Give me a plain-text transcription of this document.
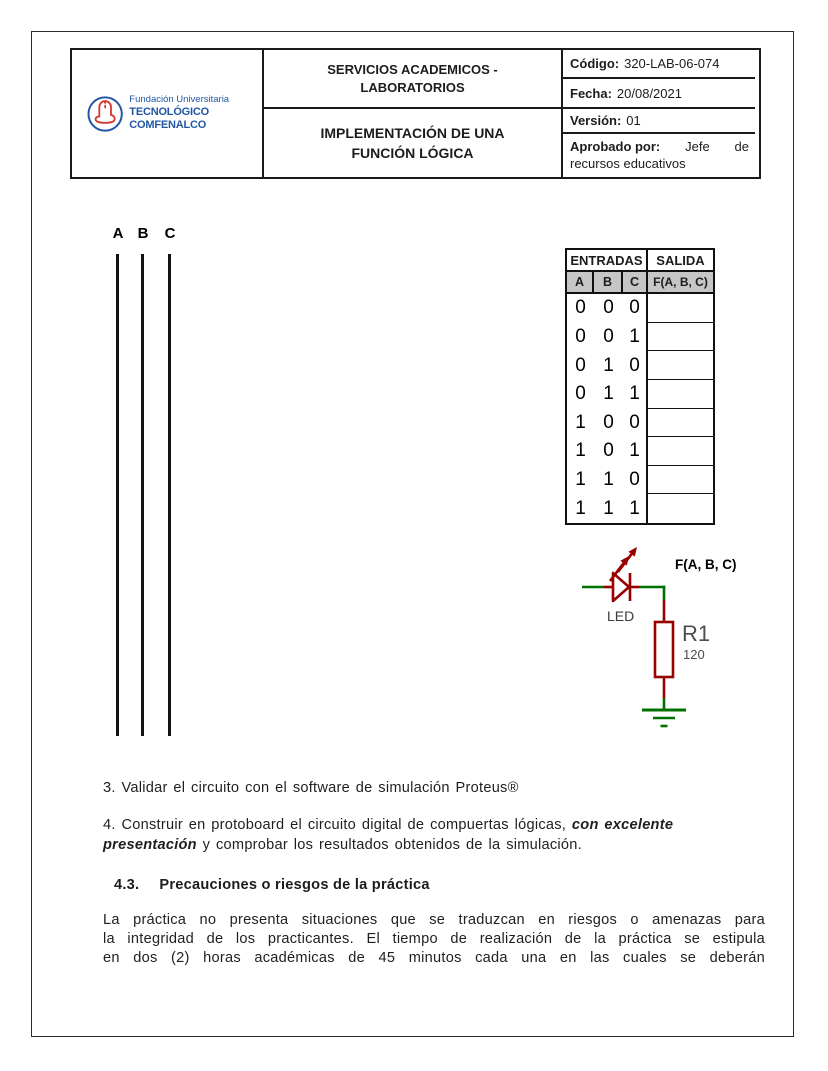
Fundación Universitaria
TECNOLÓGICO COMFENALCO
SERVICIOS ACADEMICOS -
LABORATORIOS
IMPLEMENTACIÓN DE UNA
FUNCIÓN LÓGICA
Código: 320-LAB-06-074
Fecha: 20/08/2021
Versión: 01
Aprobado por: Jefe de
recursos educativos
A B	C
ENTRADAS	SALIDA
A	B	C	F(A, B, C)
0 0 0
0 0 1
0 1 0
0 1 1
1 0 0
1 0 1
1 1 0
1 1 1
LED
F(A, B, C)
R1
120
3. Validar el circuito con el software de simulación Proteus®
4. Construir en protoboard el circuito digital de compuertas lógicas, con excelente
presentación y comprobar los resultados obtenidos de la simulación.
4.3. Precauciones o riesgos de la práctica
La práctica no presenta situaciones que se traduzcan en riesgos o amenazas para
la integridad de los practicantes. El tiempo de realización de la práctica se estipula
en dos (2) horas académicas de 45 minutos cada una en las cuales se deberán
